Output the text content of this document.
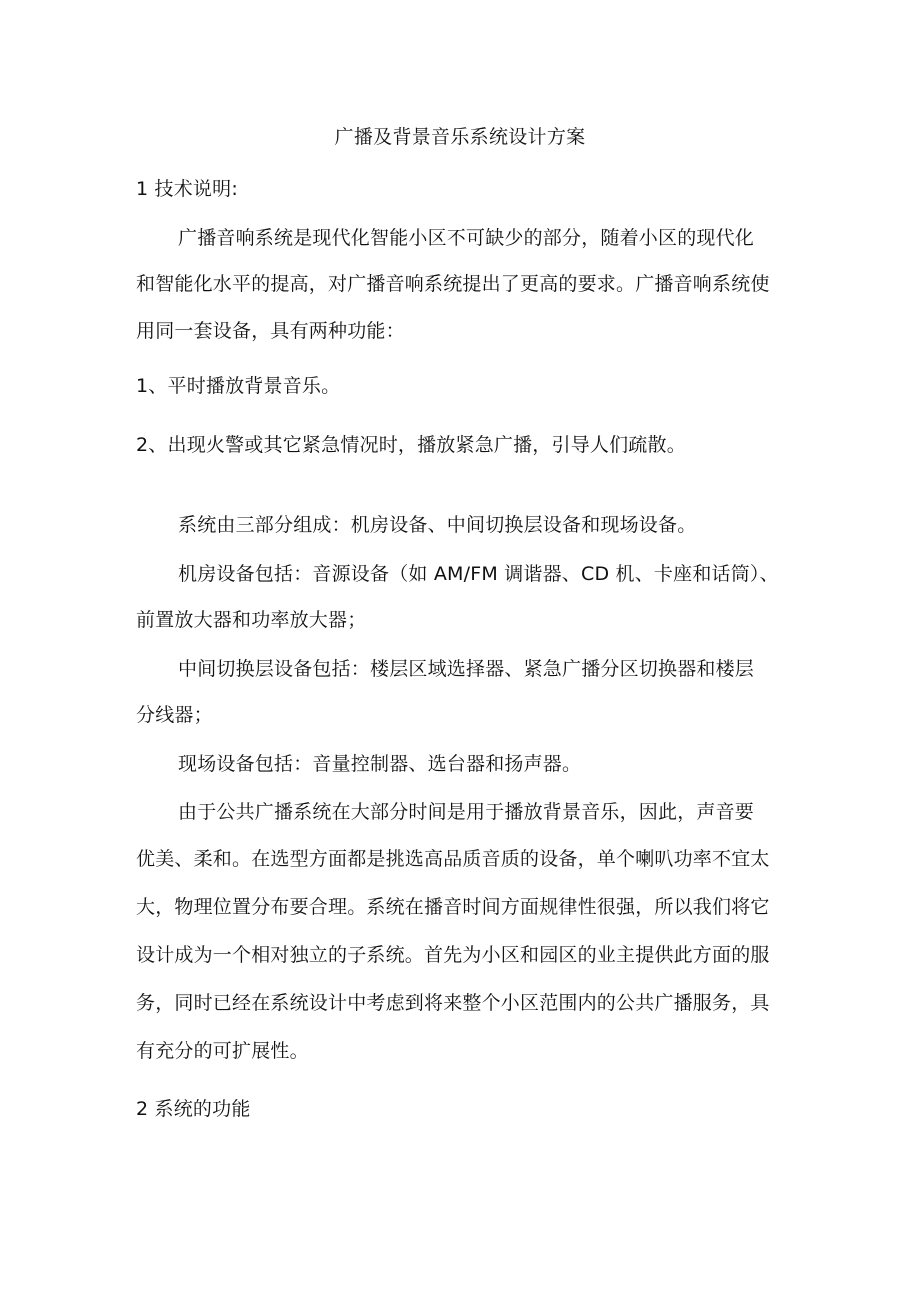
广播及背景音乐系统设计方案
1 技术说明:
广播音响系统是现代化智能小区不可缺少的部分，随着小区的现代化
和智能化水平的提高，对广播音响系统提出了更高的要求。广播音响系统使
用同一套设备，具有两种功能：
1、平时播放背景音乐。
2、出现火警或其它紧急情况时，播放紧急广播，引导人们疏散。
系统由三部分组成：机房设备、中间切换层设备和现场设备。
机房设备包括：音源设备（如 AM/FM 调谐器、CD 机、卡座和话筒）、
前置放大器和功率放大器；
中间切换层设备包括：楼层区域选择器、紧急广播分区切换器和楼层
分线器；
现场设备包括：音量控制器、选台器和扬声器。
由于公共广播系统在大部分时间是用于播放背景音乐，因此，声音要
优美、柔和。在选型方面都是挑选高品质音质的设备，单个喇叭功率不宜太
大，物理位置分布要合理。系统在播音时间方面规律性很强，所以我们将它
设计成为一个相对独立的子系统。首先为小区和园区的业主提供此方面的服
务，同时已经在系统设计中考虑到将来整个小区范围内的公共广播服务，具
有充分的可扩展性。
2 系统的功能
